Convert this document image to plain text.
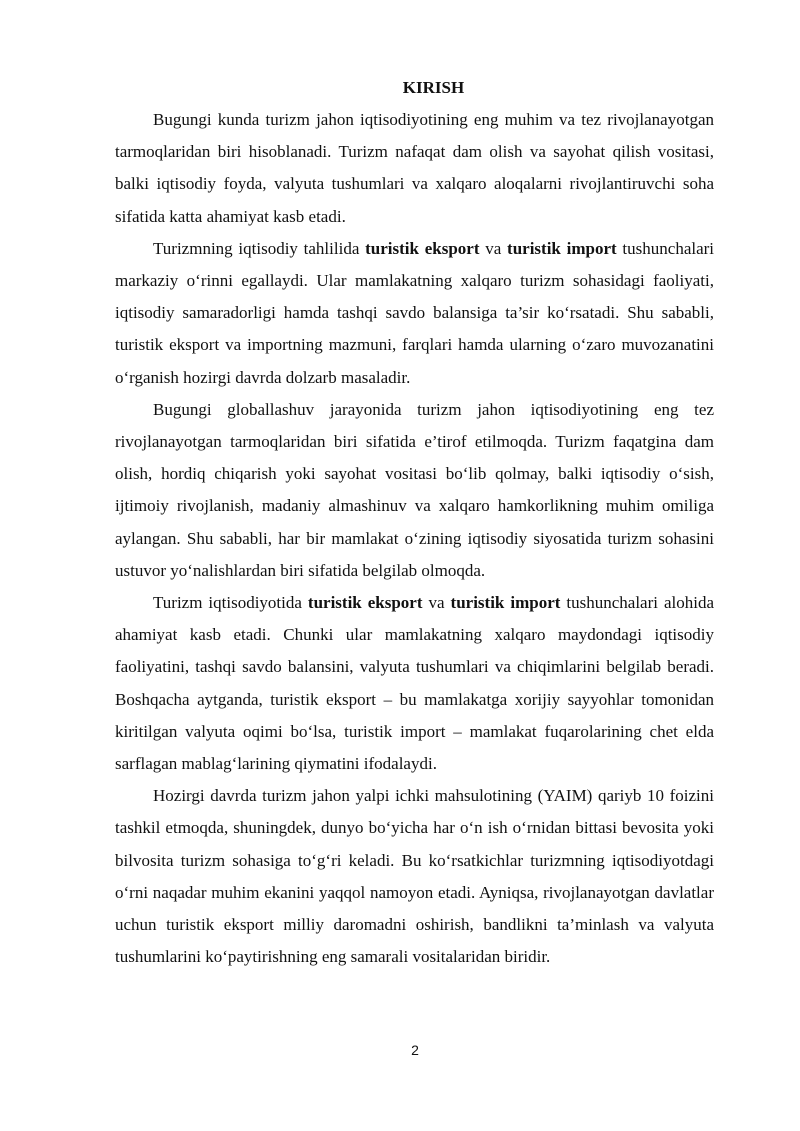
KIRISH

Bugungi kunda turizm jahon iqtisodiyotining eng muhim va tez rivojlanayotgan tarmoqlaridan biri hisoblanadi. Turizm nafaqat dam olish va sayohat qilish vositasi, balki iqtisodiy foyda, valyuta tushumlari va xalqaro aloqalarni rivojlantiruvchi soha sifatida katta ahamiyat kasb etadi.

Turizmning iqtisodiy tahlilida turistik eksport va turistik import tushunchalari markaziy o‘rinni egallaydi. Ular mamlakatning xalqaro turizm sohasidagi faoliyati, iqtisodiy samaradorligi hamda tashqi savdo balansiga ta’sir ko‘rsatadi. Shu sababli, turistik eksport va importning mazmuni, farqlari hamda ularning o‘zaro muvozanatini o‘rganish hozirgi davrda dolzarb masaladir.

Bugungi globallashuv jarayonida turizm jahon iqtisodiyotining eng tez rivojlanayotgan tarmoqlaridan biri sifatida e’tirof etilmoqda. Turizm faqatgina dam olish, hordiq chiqarish yoki sayohat vositasi bo‘lib qolmay, balki iqtisodiy o‘sish, ijtimoiy rivojlanish, madaniy almashinuv va xalqaro hamkorlikning muhim omiliga aylangan. Shu sababli, har bir mamlakat o‘zining iqtisodiy siyosatida turizm sohasini ustuvor yo‘nalishlardan biri sifatida belgilab olmoqda.

Turizm iqtisodiyotida turistik eksport va turistik import tushunchalari alohida ahamiyat kasb etadi. Chunki ular mamlakatning xalqaro maydondagi iqtisodiy faoliyatini, tashqi savdo balansini, valyuta tushumlari va chiqimlarini belgilab beradi. Boshqacha aytganda, turistik eksport – bu mamlakatga xorijiy sayyohlar tomonidan kiritilgan valyuta oqimi bo‘lsa, turistik import – mamlakat fuqarolarining chet elda sarflagan mablag‘larining qiymatini ifodalaydi.

Hozirgi davrda turizm jahon yalpi ichki mahsulotining (YAIM) qariyb 10 foizini tashkil etmoqda, shuningdek, dunyo bo‘yicha har o‘n ish o‘rnidan bittasi bevosita yoki bilvosita turizm sohasiga to‘g‘ri keladi. Bu ko‘rsatkichlar turizmning iqtisodiyotdagi o‘rni naqadar muhim ekanini yaqqol namoyon etadi. Ayniqsa, rivojlanayotgan davlatlar uchun turistik eksport milliy daromadni oshirish, bandlikni ta’minlash va valyuta tushumlarini ko‘paytirishning eng samarali vositalaridan biridir.

2
